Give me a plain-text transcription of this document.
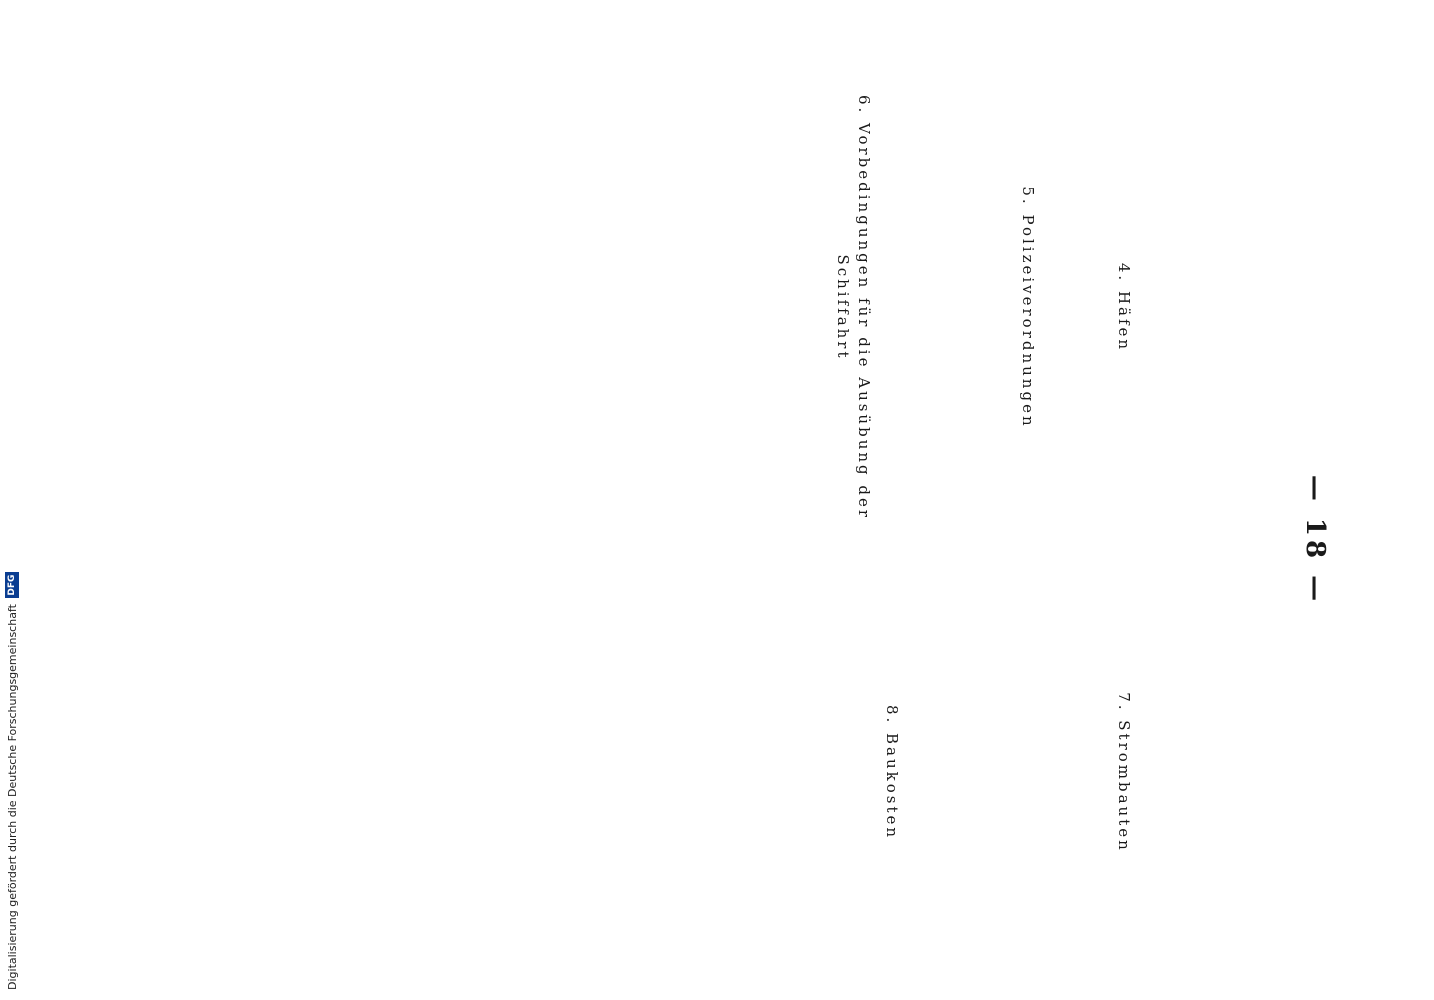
— 18 —

4. Häfen

5. Polizeiverordnungen

6. Vorbedingungen für die Ausübung der Schiffahrt

7. Strombauten

8. Baukosten

Digitalisierung gefördert durch die Deutsche Forschungsgemeinschaft
DFG
